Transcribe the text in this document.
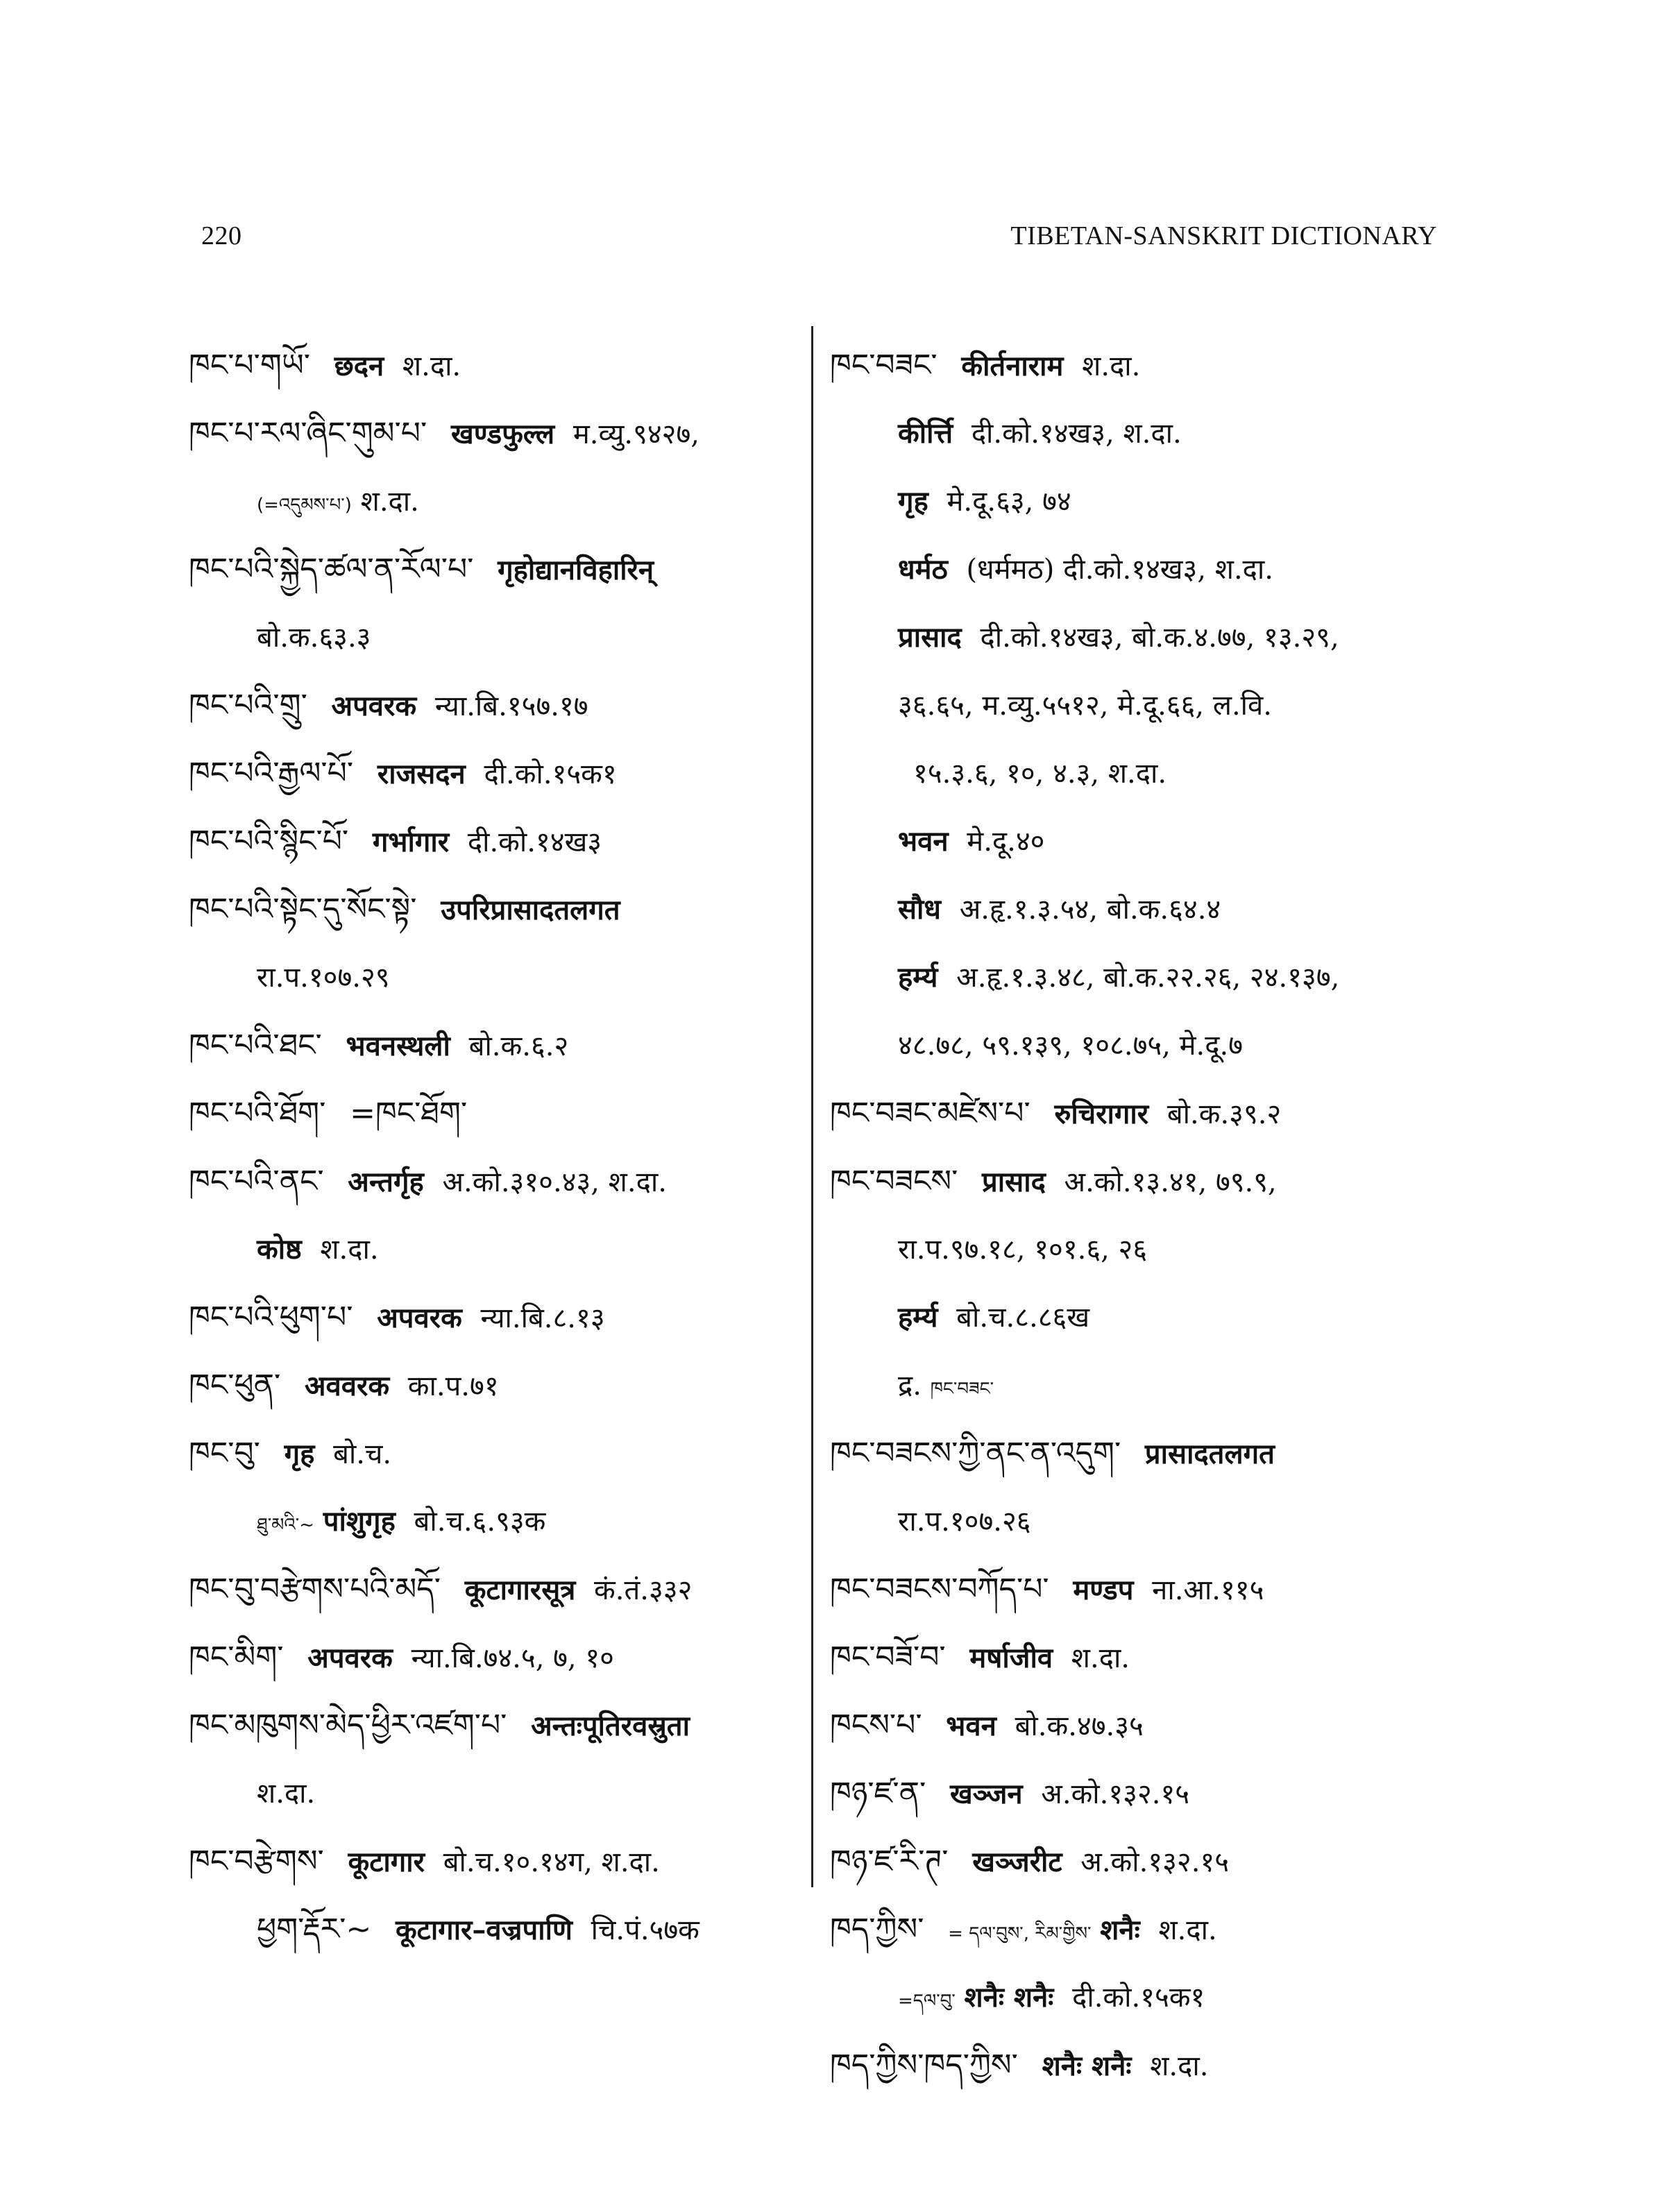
220	TIBETAN-SANSKRIT DICTIONARY
ཁང་པ་གཡོ་ छदन श.दा.
ཁང་པ་རལ་ཞིང་གུམ་པ་ खण्डफुल्ल म.व्यु.९४२७,
(=འདུམས་པ་) श.दा.
ཁང་པའི་སྐྱེད་ཚལ་ན་རོལ་པ་ गृहोद्यानविहारिन्
बो.क.६३.३
ཁང་པའི་གྲུ་ अपवरक न्या.बि.१५७.१७
ཁང་པའི་རྒྱལ་པོ་ राजसदन दी.को.१५क१
ཁང་པའི་སྙིང་པོ་ गर्भागार दी.को.१४ख३
ཁང་པའི་སྟེང་དུ་སོང་སྟེ་ उपरिप्रासादतलगत
रा.प.१०७.२९
ཁང་པའི་ཐང་ भवनस्थली बो.क.६.२
ཁང་པའི་ཐོག་ =ཁང་ཐོག་
ཁང་པའི་ནང་ अन्तर्गृह अ.को.३१०.४३, श.दा.
कोष्ठ श.दा.
ཁང་པའི་ཕུག་པ་ अपवरक न्या.बि.८.१३
ཁང་ཕུན་ अववरक का.प.७१
ཁང་བུ་ गृह बो.च.
ཐུ་མའི་~ पांशुगृह बो.च.६.९३क
ཁང་བུ་བརྩེགས་པའི་མདོ་ कूटागारसूत्र कं.तं.३३२
ཁང་མིག་ अपवरक न्या.बि.७४.५, ७, १०
ཁང་མཁུགས་མེད་ཕྱིར་འཛག་པ་ अन्तःपूतिरवस्रुता
श.दा.
ཁང་བརྩེགས་ कूटागार बो.च.१०.१४ग, श.दा.
ཕྱག་རྡོར་~ कूटागार–वज्रपाणि चि.पं.५७क
ཁང་བཟང་ कीर्तनाराम श.दा.
कीर्त्ति दी.को.१४ख३, श.दा.
गृह मे.दू.६३, ७४
धर्मठ (धर्ममठ) दी.को.१४ख३, श.दा.
प्रासाद दी.को.१४ख३, बो.क.४.७७, १३.२९,
३६.६५, म.व्यु.५५१२, मे.दू.६६, ल.वि.
१५.३.६, १०, ४.३, श.दा.
भवन मे.दू.४०
सौध अ.हृ.१.३.५४, बो.क.६४.४
हर्म्य अ.हृ.१.३.४८, बो.क.२२.२६, २४.१३७,
४८.७८, ५९.१३९, १०८.७५, मे.दू.७
ཁང་བཟང་མཛེས་པ་ रुचिरागार बो.क.३९.२
ཁང་བཟངས་ प्रासाद अ.को.१३.४१, ७९.९,
रा.प.९७.१८, १०१.६, २६
हर्म्य बो.च.८.८६ख
द्र. ཁང་བཟང་
ཁང་བཟངས་ཀྱི་ནང་ན་འདུག་ प्रासादतलगत
रा.प.१०७.२६
ཁང་བཟངས་བཀོད་པ་ मण्डप ना.आ.११५
ཁང་བཟོ་བ་ मर्षाजीव श.दा.
ཁངས་པ་ भवन बो.क.४७.३५
ཁཉ་ཛ་ན་ खञ्जन अ.को.१३२.१५
ཁཉ་ཛ་རི་ཊ་ खञ्जरीट अ.को.१३२.१५
ཁད་ཀྱིས་ = དལ་བུས་, རིམ་གྱིས་ शनैः श.दा.
=དལ་བུ་ शनैः शनैः दी.को.१५क१
ཁད་ཀྱིས་ཁད་ཀྱིས་ शनैः शनैः श.दा.
